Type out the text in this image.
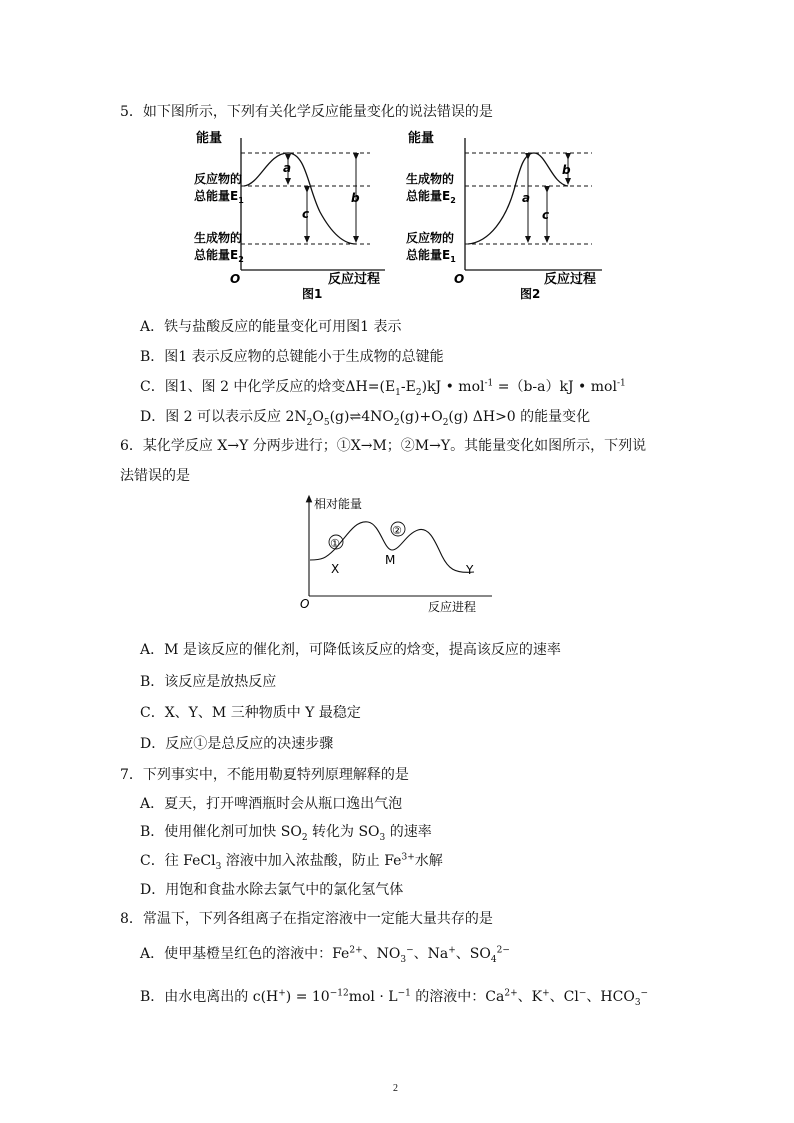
5．如下图所示，下列有关化学反应能量变化的说法错误的是
能量
a
c
b
反应物的
总能量$E_1$
生成物的
总能量$E_2$
O	反应过程
图1
能量
a
c
b
生成物的
总能量$E_2$
反应物的
总能量$E_1$
O	反应过程
图2
A．铁与盐酸反应的能量变化可用图1 表示
B．图1 表示反应物的总键能小于生成物的总键能
C．图1、图 2 中化学反应的焓变$\Delta H=(E_1-E_2)kJ$ • mol$^{-1}$ =（b-a）kJ • mol$^{-1}$
D．图 2 可以表示反应 $2N_2O_5(g)\rightleftharpoons 4NO_2(g)+O_2(g)$ ΔH>0 的能量变化
6．某化学反应 X→Y 分两步进行；①X→M；②M→Y。其能量变化如图所示，下列说
法错误的是
相对能量
①
②
X
M
Y
O	反应进程
A．M 是该反应的催化剂，可降低该反应的焓变，提高该反应的速率
B．该反应是放热反应
C．X、Y、M 三种物质中 Y 最稳定
D．反应①是总反应的决速步骤
7．下列事实中，不能用勒夏特列原理解释的是
A．夏天，打开啤酒瓶时会从瓶口逸出气泡
B．使用催化剂可加快 $SO_2$ 转化为 $SO_3$ 的速率
C．往 FeCl$_3$ 溶液中加入浓盐酸，防止 $Fe^{3+}$水解
D．用饱和食盐水除去氯气中的氯化氢气体
8．常温下，下列各组离子在指定溶液中一定能大量共存的是
A．使甲基橙呈红色的溶液中：$Fe^{2+}$、$NO_3^-$、Na+、$SO_4^{2-}$
B．由水电离出的 $c(H^+) = 10^{-12}mol \cdot L^{-1}$ 的溶液中：$Ca^{2+}$、K+、Cl−、$HCO_3^-$
2
